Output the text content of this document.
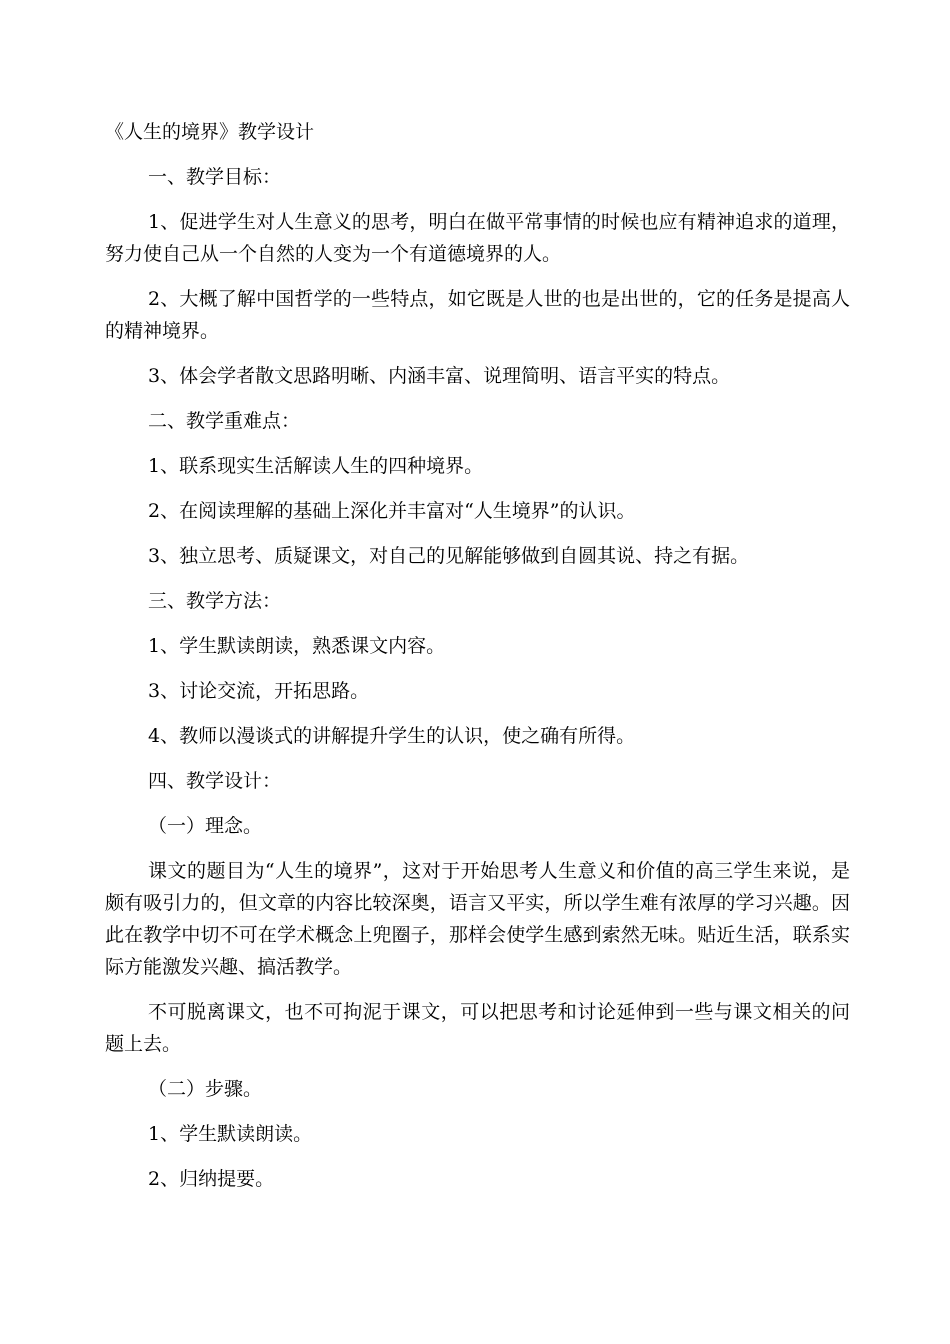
《人生的境界》教学设计
一、教学目标：
1、促进学生对人生意义的思考，明白在做平常事情的时候也应有精神追求的道理，努力使自己从一个自然的人变为一个有道德境界的人。
2、大概了解中国哲学的一些特点，如它既是人世的也是出世的，它的任务是提高人的精神境界。
3、体会学者散文思路明晰、内涵丰富、说理简明、语言平实的特点。
二、教学重难点：
1、联系现实生活解读人生的四种境界。
2、在阅读理解的基础上深化并丰富对“人生境界”的认识。
3、独立思考、质疑课文，对自己的见解能够做到自圆其说、持之有据。
三、教学方法：
1、学生默读朗读，熟悉课文内容。
3、讨论交流，开拓思路。
4、教师以漫谈式的讲解提升学生的认识，使之确有所得。
四、教学设计：
（一）理念。
课文的题目为“人生的境界”，这对于开始思考人生意义和价值的高三学生来说，是颇有吸引力的，但文章的内容比较深奥，语言又平实，所以学生难有浓厚的学习兴趣。因此在教学中切不可在学术概念上兜圈子，那样会使学生感到索然无味。贴近生活，联系实际方能激发兴趣、搞活教学。
不可脱离课文，也不可拘泥于课文，可以把思考和讨论延伸到一些与课文相关的问题上去。
（二）步骤。
1、学生默读朗读。
2、归纳提要。
